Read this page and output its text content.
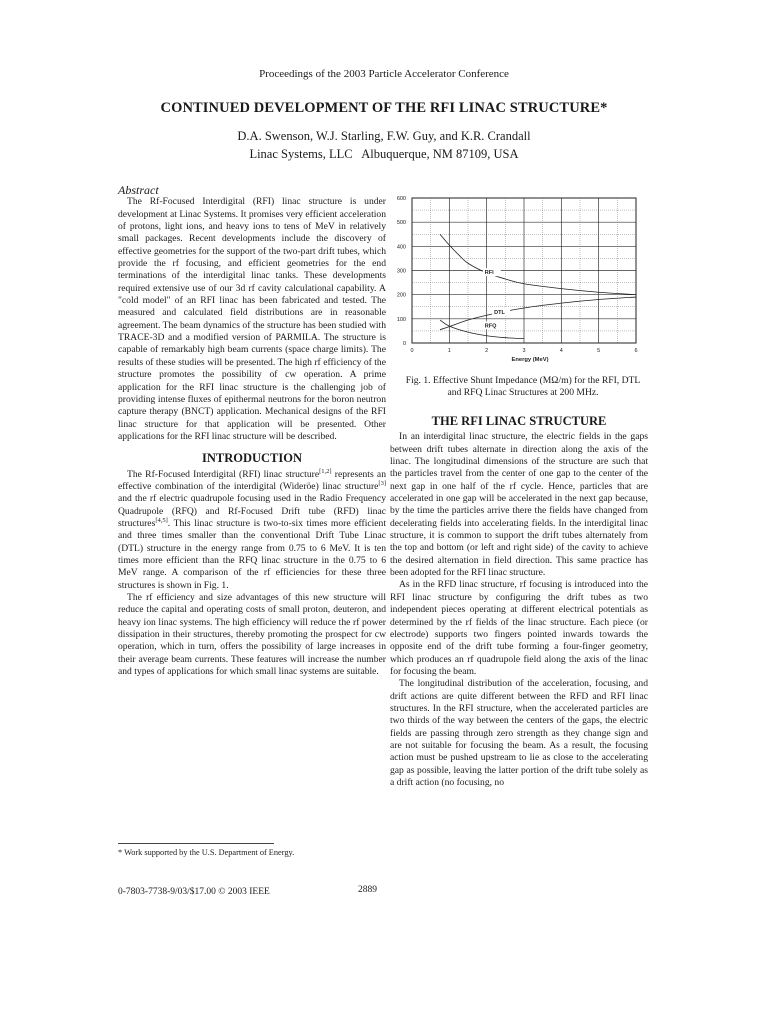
Proceedings of the 2003 Particle Accelerator Conference
CONTINUED DEVELOPMENT OF THE RFI LINAC STRUCTURE*
D.A. Swenson, W.J. Starling, F.W. Guy, and K.R. Crandall
Linac Systems, LLC   Albuquerque, NM 87109, USA
Abstract
The Rf-Focused Interdigital (RFI) linac structure is under development at Linac Systems. It promises very efficient acceleration of protons, light ions, and heavy ions to tens of MeV in relatively small packages. Recent developments include the discovery of effective geometries for the support of the two-part drift tubes, which provide the rf focusing, and efficient geometries for the end terminations of the interdigital linac tanks. These developments required extensive use of our 3d rf cavity calculational capability. A "cold model" of an RFI linac has been fabricated and tested. The measured and calculated field distributions are in reasonable agreement. The beam dynamics of the structure has been studied with TRACE-3D and a modified version of PARMILA. The structure is capable of remarkably high beam currents (space charge limits). The results of these studies will be presented. The high rf efficiency of the structure promotes the possibility of cw operation. A prime application for the RFI linac structure is the challenging job of providing intense fluxes of epithermal neutrons for the boron neutron capture therapy (BNCT) application. Mechanical designs of the RFI linac structure for that application will be presented. Other applications for the RFI linac structure will be described.
INTRODUCTION
The Rf-Focused Interdigital (RFI) linac structure[1,2] represents an effective combination of the interdigital (Wideröe) linac structure[3] and the rf electric quadrupole focusing used in the Radio Frequency Quadrupole (RFQ) and Rf-Focused Drift tube (RFD) linac structures[4,5]. This linac structure is two-to-six times more efficient and three times smaller than the conventional Drift Tube Linac (DTL) structure in the energy range from 0.75 to 6 MeV. It is ten times more efficient than the RFQ linac structure in the 0.75 to 6 MeV range. A comparison of the rf efficiencies for these three structures is shown in Fig. 1.
The rf efficiency and size advantages of this new structure will reduce the capital and operating costs of small proton, deuteron, and heavy ion linac systems. The high efficiency will reduce the rf power dissipation in their structures, thereby promoting the prospect for cw operation, which in turn, offers the possibility of large increases in their average beam currents. These features will increase the number and types of applications for which small linac systems are suitable.
* Work supported by the U.S. Department of Energy.
0-7803-7738-9/03/$17.00 © 2003 IEEE	2889
0	1	2	3	4	5	6
0
100
200
300
400
500
600
Energy (MeV)
RFI
DTL
RFQ
Fig. 1. Effective Shunt Impedance (MΩ/m) for the RFI, DTL and RFQ Linac Structures at 200 MHz.
THE RFI LINAC STRUCTURE
In an interdigital linac structure, the electric fields in the gaps between drift tubes alternate in direction along the axis of the linac. The longitudinal dimensions of the structure are such that the particles travel from the center of one gap to the center of the next gap in one half of the rf cycle. Hence, particles that are accelerated in one gap will be accelerated in the next gap because, by the time the particles arrive there the fields have changed from decelerating fields into accelerating fields. In the interdigital linac structure, it is common to support the drift tubes alternately from the top and bottom (or left and right side) of the cavity to achieve the desired alternation in field direction. This same practice has been adopted for the RFI linac structure.
As in the RFD linac structure, rf focusing is introduced into the RFI linac structure by configuring the drift tubes as two independent pieces operating at different electrical potentials as determined by the rf fields of the linac structure. Each piece (or electrode) supports two fingers pointed inwards towards the opposite end of the drift tube forming a four-finger geometry, which produces an rf quadrupole field along the axis of the linac for focusing the beam.
The longitudinal distribution of the acceleration, focusing, and drift actions are quite different between the RFD and RFI linac structures. In the RFI structure, when the accelerated particles are two thirds of the way between the centers of the gaps, the electric fields are passing through zero strength as they change sign and are not suitable for focusing the beam. As a result, the focusing action must be pushed upstream to lie as close to the accelerating gap as possible, leaving the latter portion of the drift tube solely as a drift action (no focusing, no
